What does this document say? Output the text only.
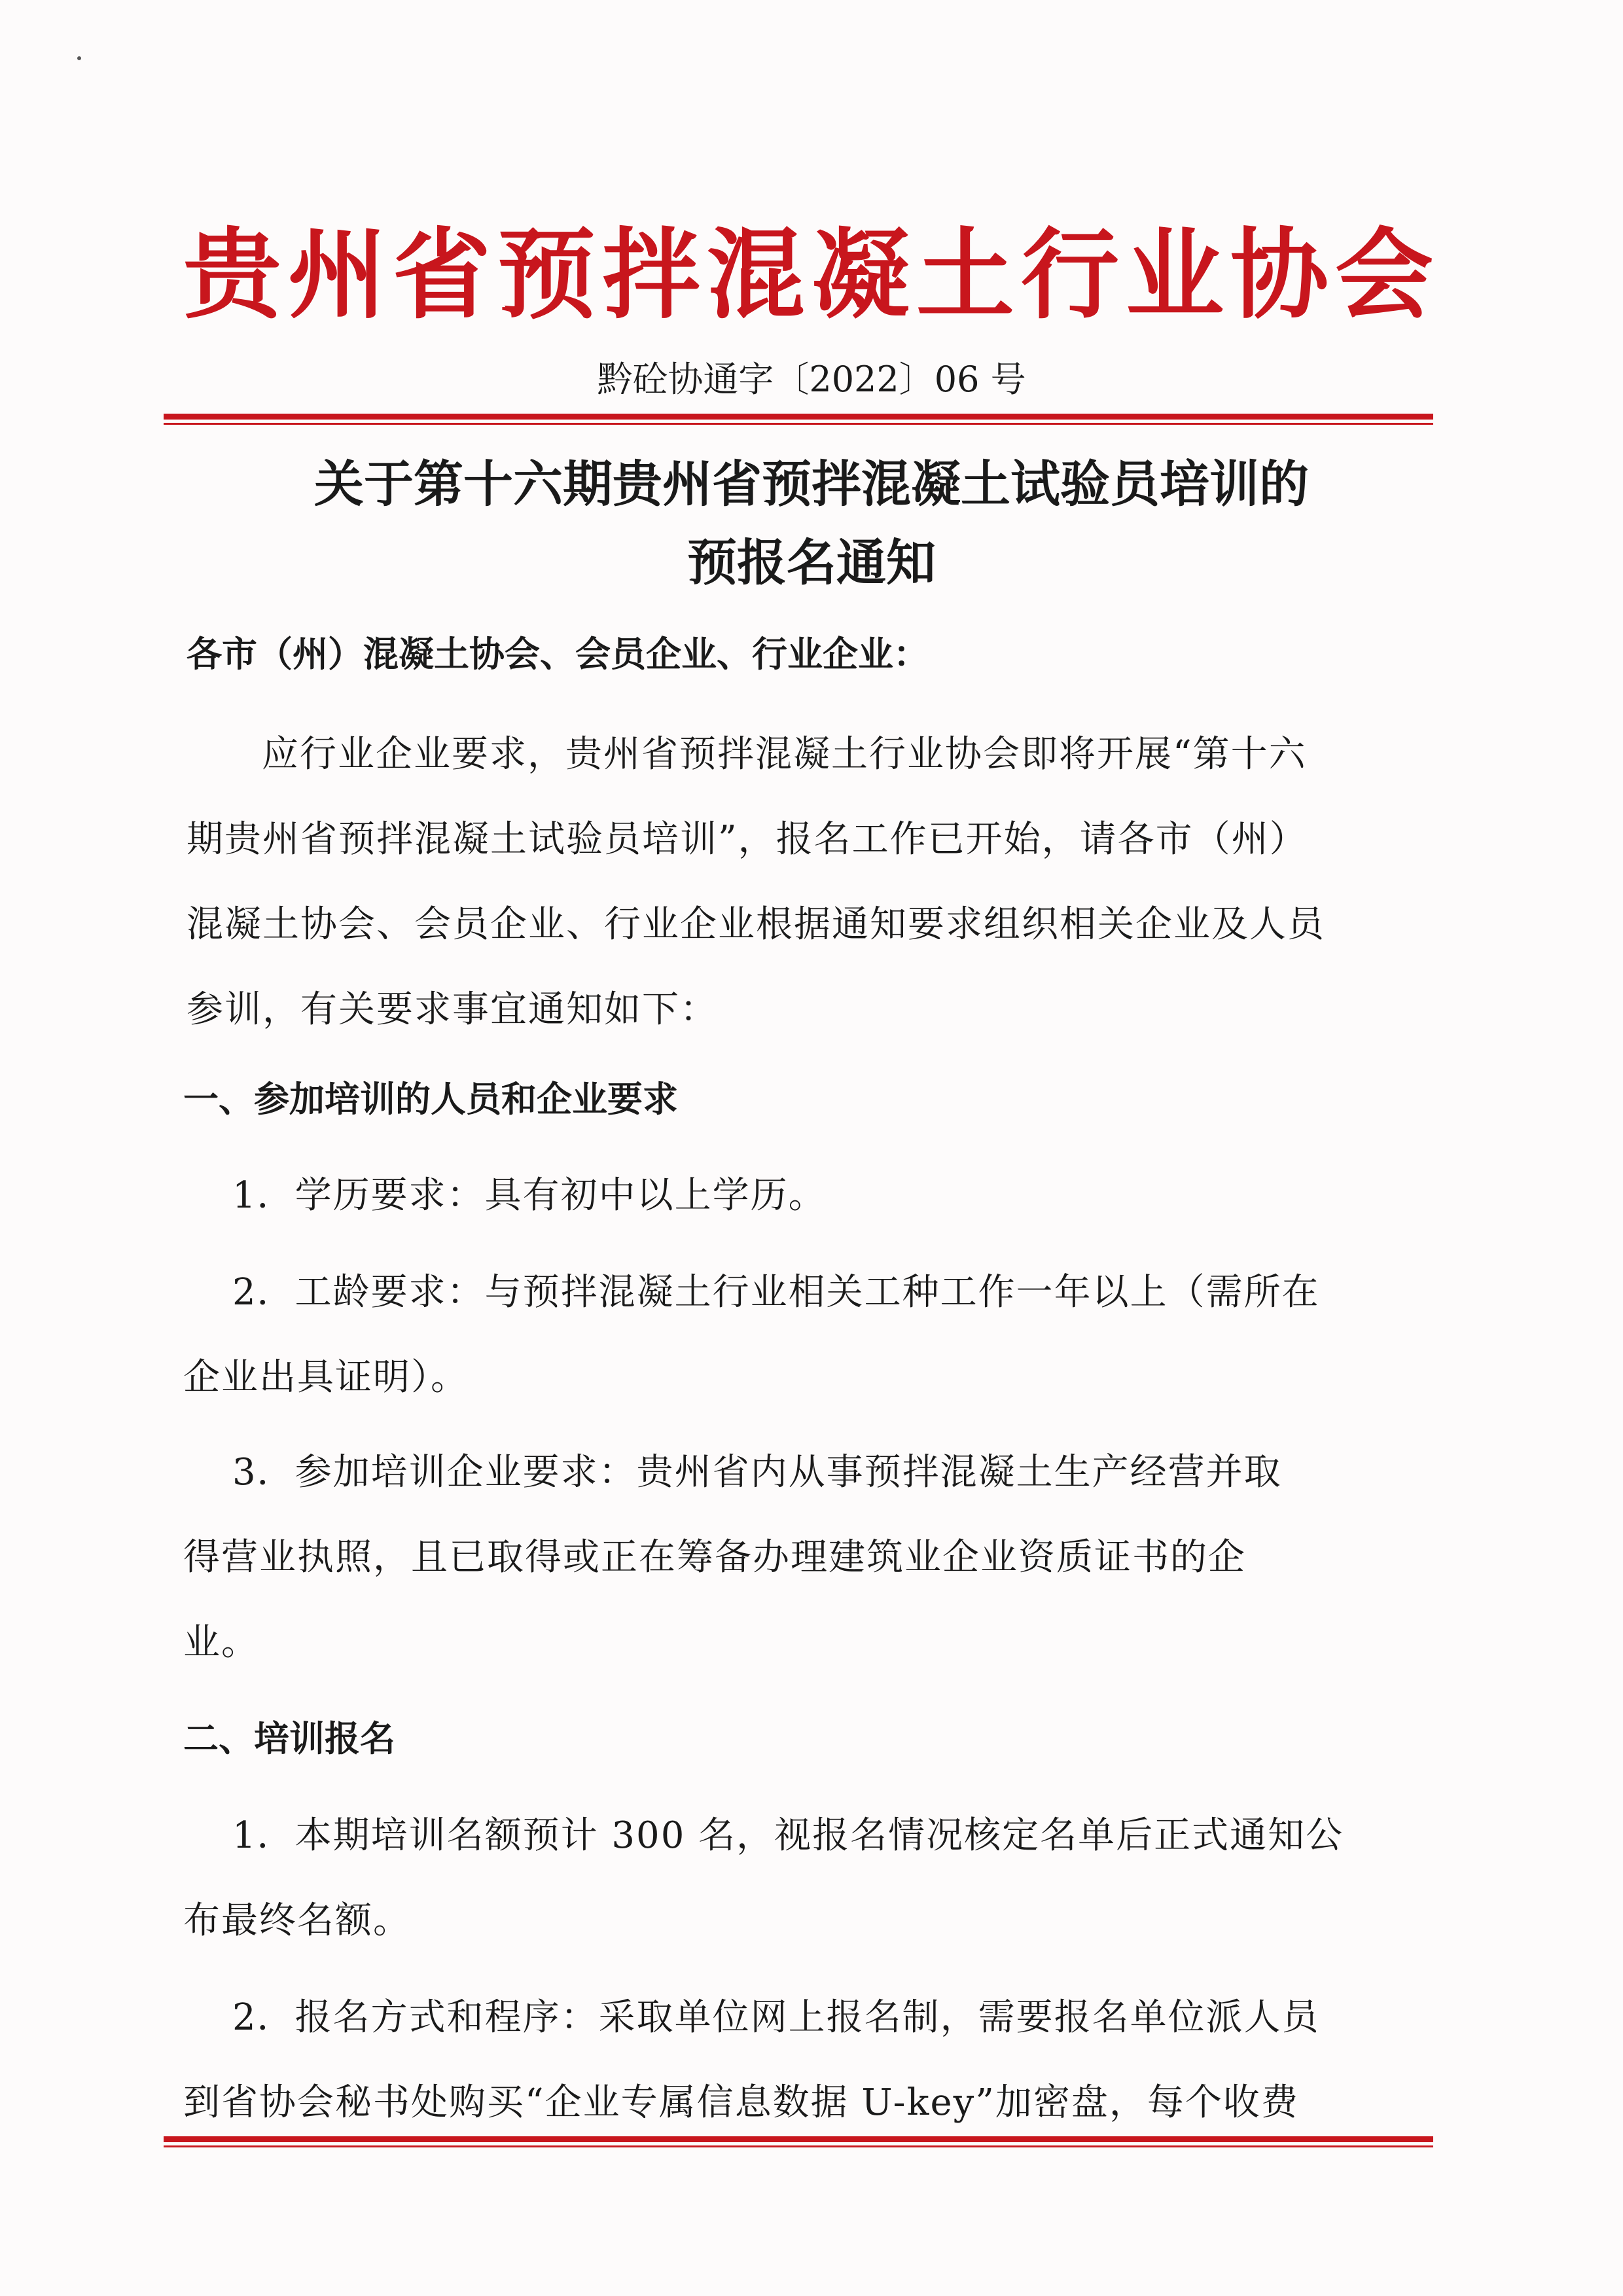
贵州省预拌混凝土行业协会
黔砼协通字〔2022〕06 号
关于第十六期贵州省预拌混凝土试验员培训的
预报名通知
各市（州）混凝土协会、会员企业、行业企业：
应行业企业要求，贵州省预拌混凝土行业协会即将开展“第十六
期贵州省预拌混凝土试验员培训”，报名工作已开始，请各市（州）
混凝土协会、会员企业、行业企业根据通知要求组织相关企业及人员
参训，有关要求事宜通知如下：
一、参加培训的人员和企业要求
1．学历要求：具有初中以上学历。
2．工龄要求：与预拌混凝土行业相关工种工作一年以上（需所在
企业出具证明）。
3．参加培训企业要求：贵州省内从事预拌混凝土生产经营并取
得营业执照，且已取得或正在筹备办理建筑业企业资质证书的企
业。
二、培训报名
1．本期培训名额预计 300 名，视报名情况核定名单后正式通知公
布最终名额。
2．报名方式和程序：采取单位网上报名制，需要报名单位派人员
到省协会秘书处购买“企业专属信息数据 U-key”加密盘，每个收费
